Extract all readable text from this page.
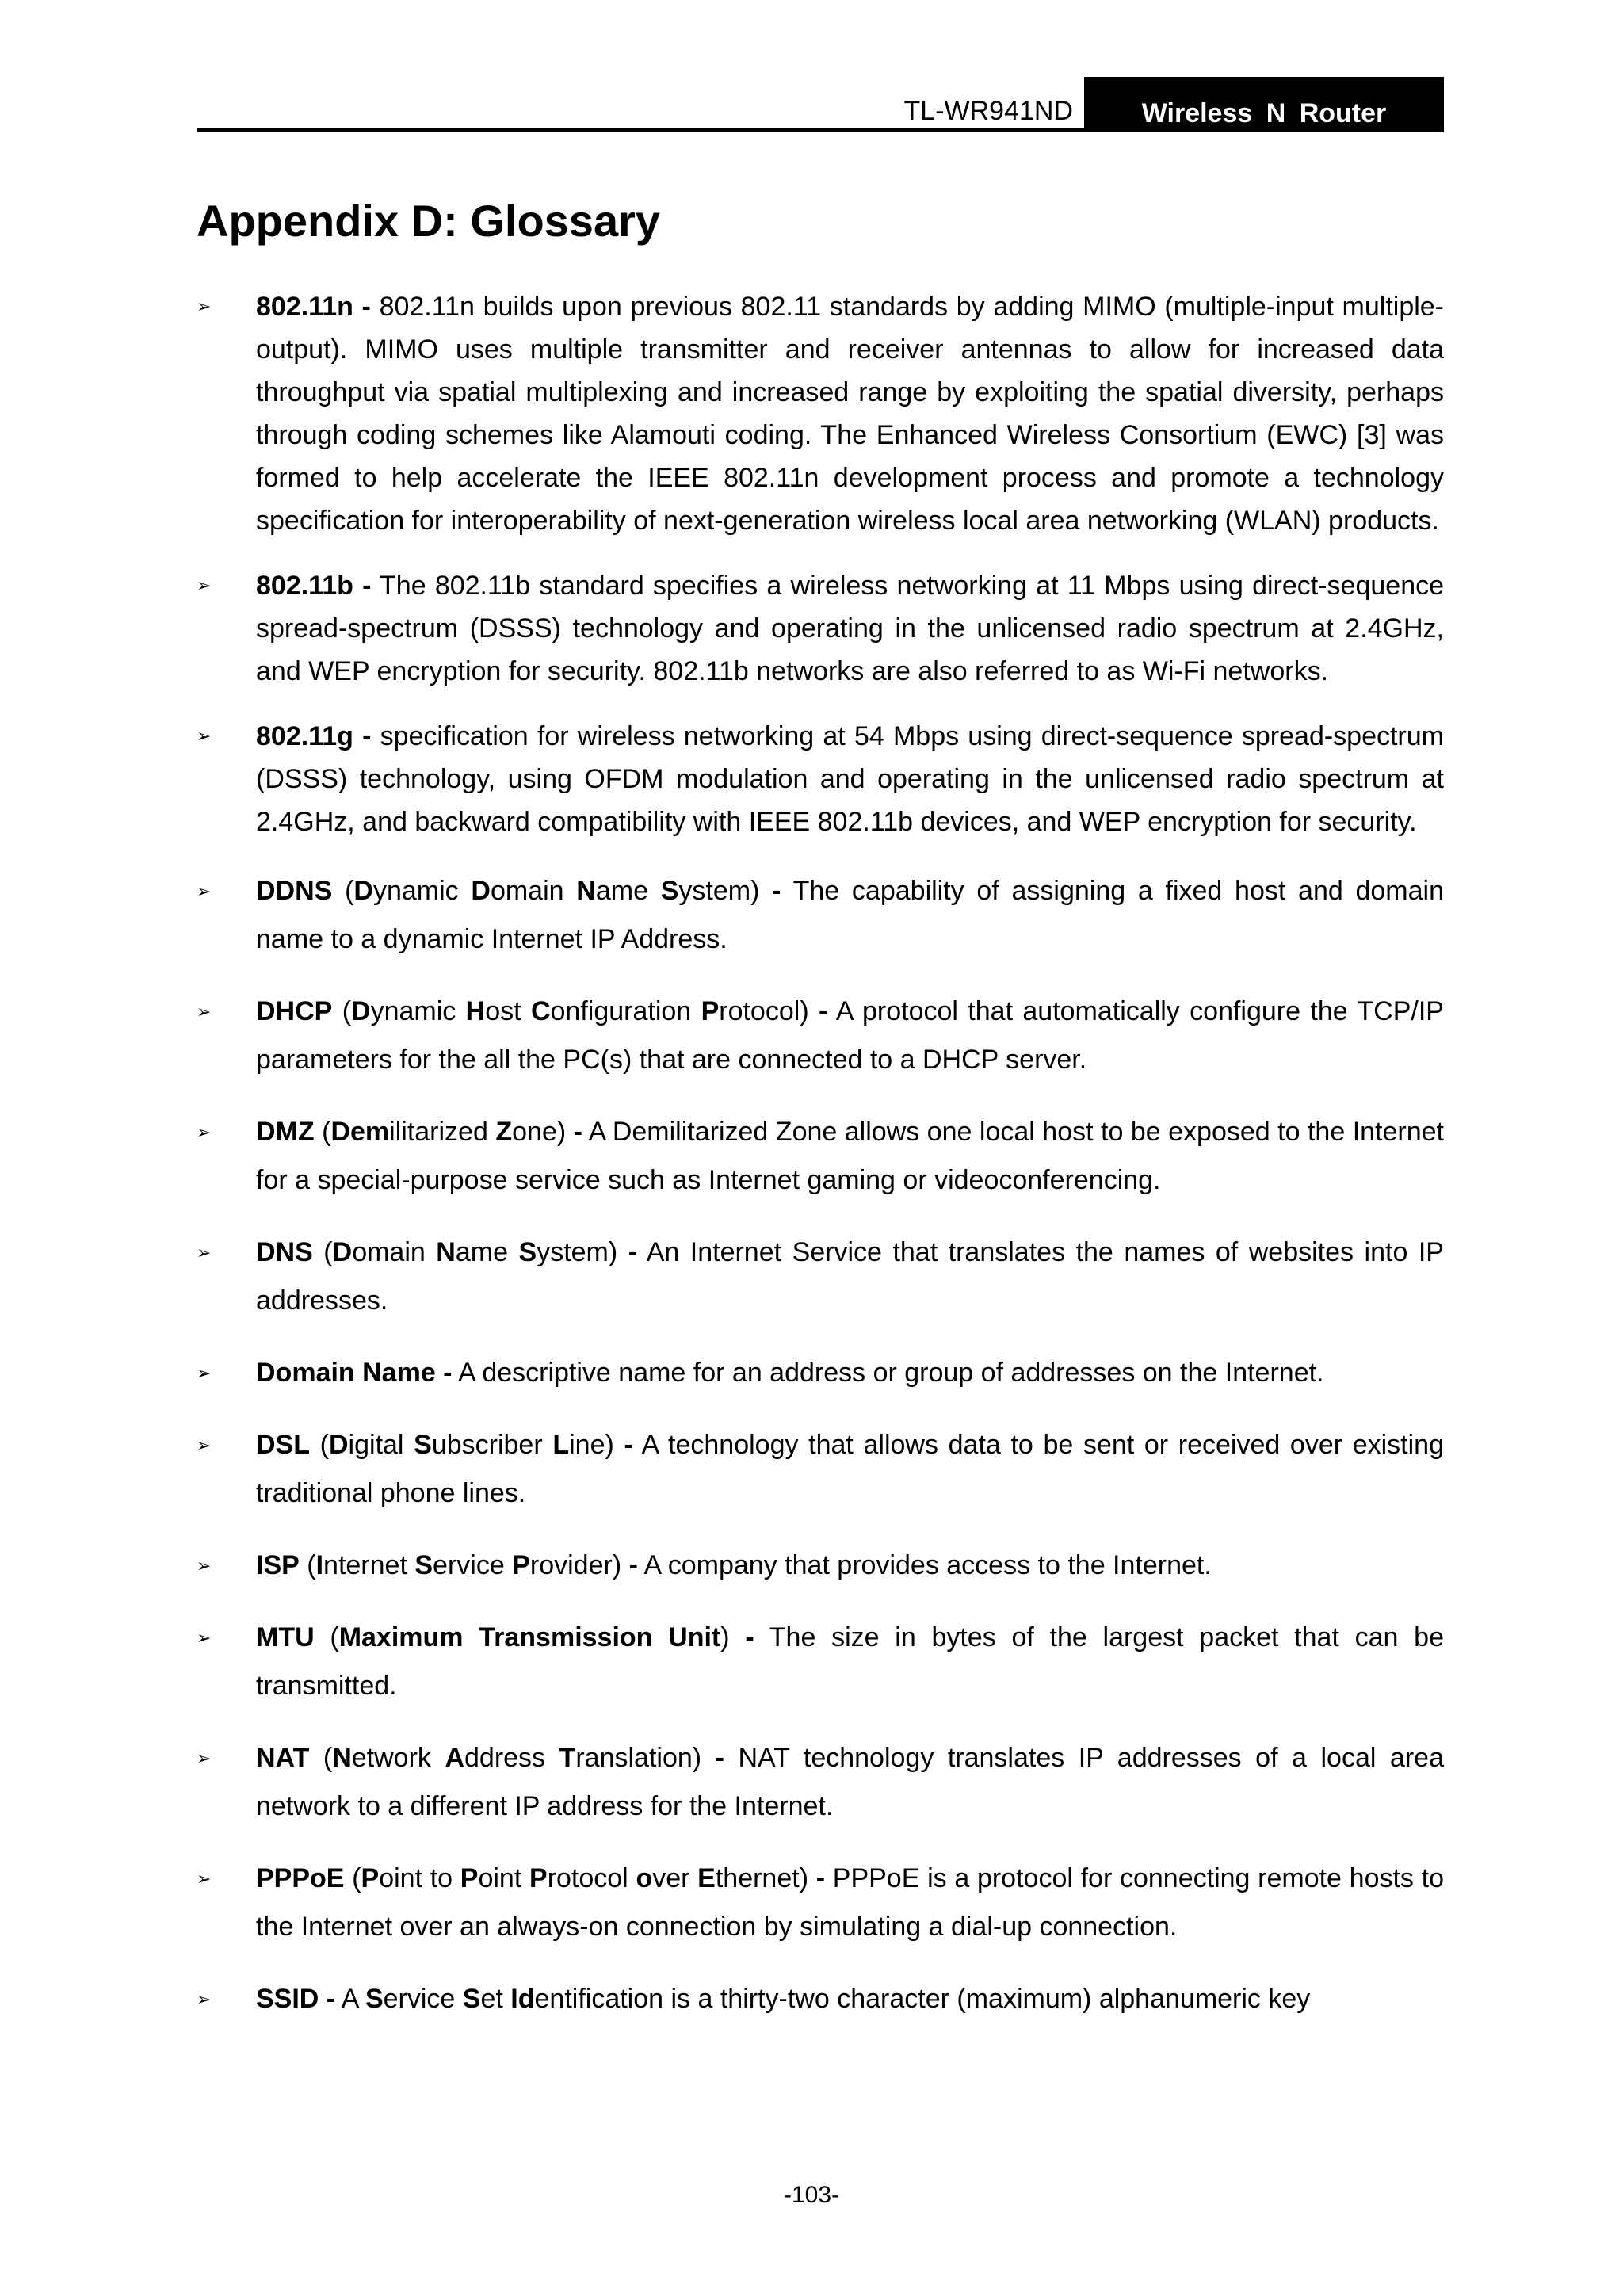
TL-WR941ND	Wireless N Router
Appendix D: Glossary
➢ 802.11n - 802.11n builds upon previous 802.11 standards by adding MIMO (multiple-input multiple-output). MIMO uses multiple transmitter and receiver antennas to allow for increased data throughput via spatial multiplexing and increased range by exploiting the spatial diversity, perhaps through coding schemes like Alamouti coding. The Enhanced Wireless Consortium (EWC) [3] was formed to help accelerate the IEEE 802.11n development process and promote a technology specification for interoperability of next-generation wireless local area networking (WLAN) products.
➢ 802.11b - The 802.11b standard specifies a wireless networking at 11 Mbps using direct-sequence spread-spectrum (DSSS) technology and operating in the unlicensed radio spectrum at 2.4GHz, and WEP encryption for security. 802.11b networks are also referred to as Wi-Fi networks.
➢ 802.11g - specification for wireless networking at 54 Mbps using direct-sequence spread-spectrum (DSSS) technology, using OFDM modulation and operating in the unlicensed radio spectrum at 2.4GHz, and backward compatibility with IEEE 802.11b devices, and WEP encryption for security.
➢ DDNS (Dynamic Domain Name System) - The capability of assigning a fixed host and domain name to a dynamic Internet IP Address.
➢ DHCP (Dynamic Host Configuration Protocol) - A protocol that automatically configure the TCP/IP parameters for the all the PC(s) that are connected to a DHCP server.
➢ DMZ (Demilitarized Zone) - A Demilitarized Zone allows one local host to be exposed to the Internet for a special-purpose service such as Internet gaming or videoconferencing.
➢ DNS (Domain Name System) - An Internet Service that translates the names of websites into IP addresses.
➢ Domain Name - A descriptive name for an address or group of addresses on the Internet.
➢ DSL (Digital Subscriber Line) - A technology that allows data to be sent or received over existing traditional phone lines.
➢ ISP (Internet Service Provider) - A company that provides access to the Internet.
➢ MTU (Maximum Transmission Unit) - The size in bytes of the largest packet that can be transmitted.
➢ NAT (Network Address Translation) - NAT technology translates IP addresses of a local area network to a different IP address for the Internet.
➢ PPPoE (Point to Point Protocol over Ethernet) - PPPoE is a protocol for connecting remote hosts to the Internet over an always-on connection by simulating a dial-up connection.
➢ SSID - A Service Set Identification is a thirty-two character (maximum) alphanumeric key
-103-
